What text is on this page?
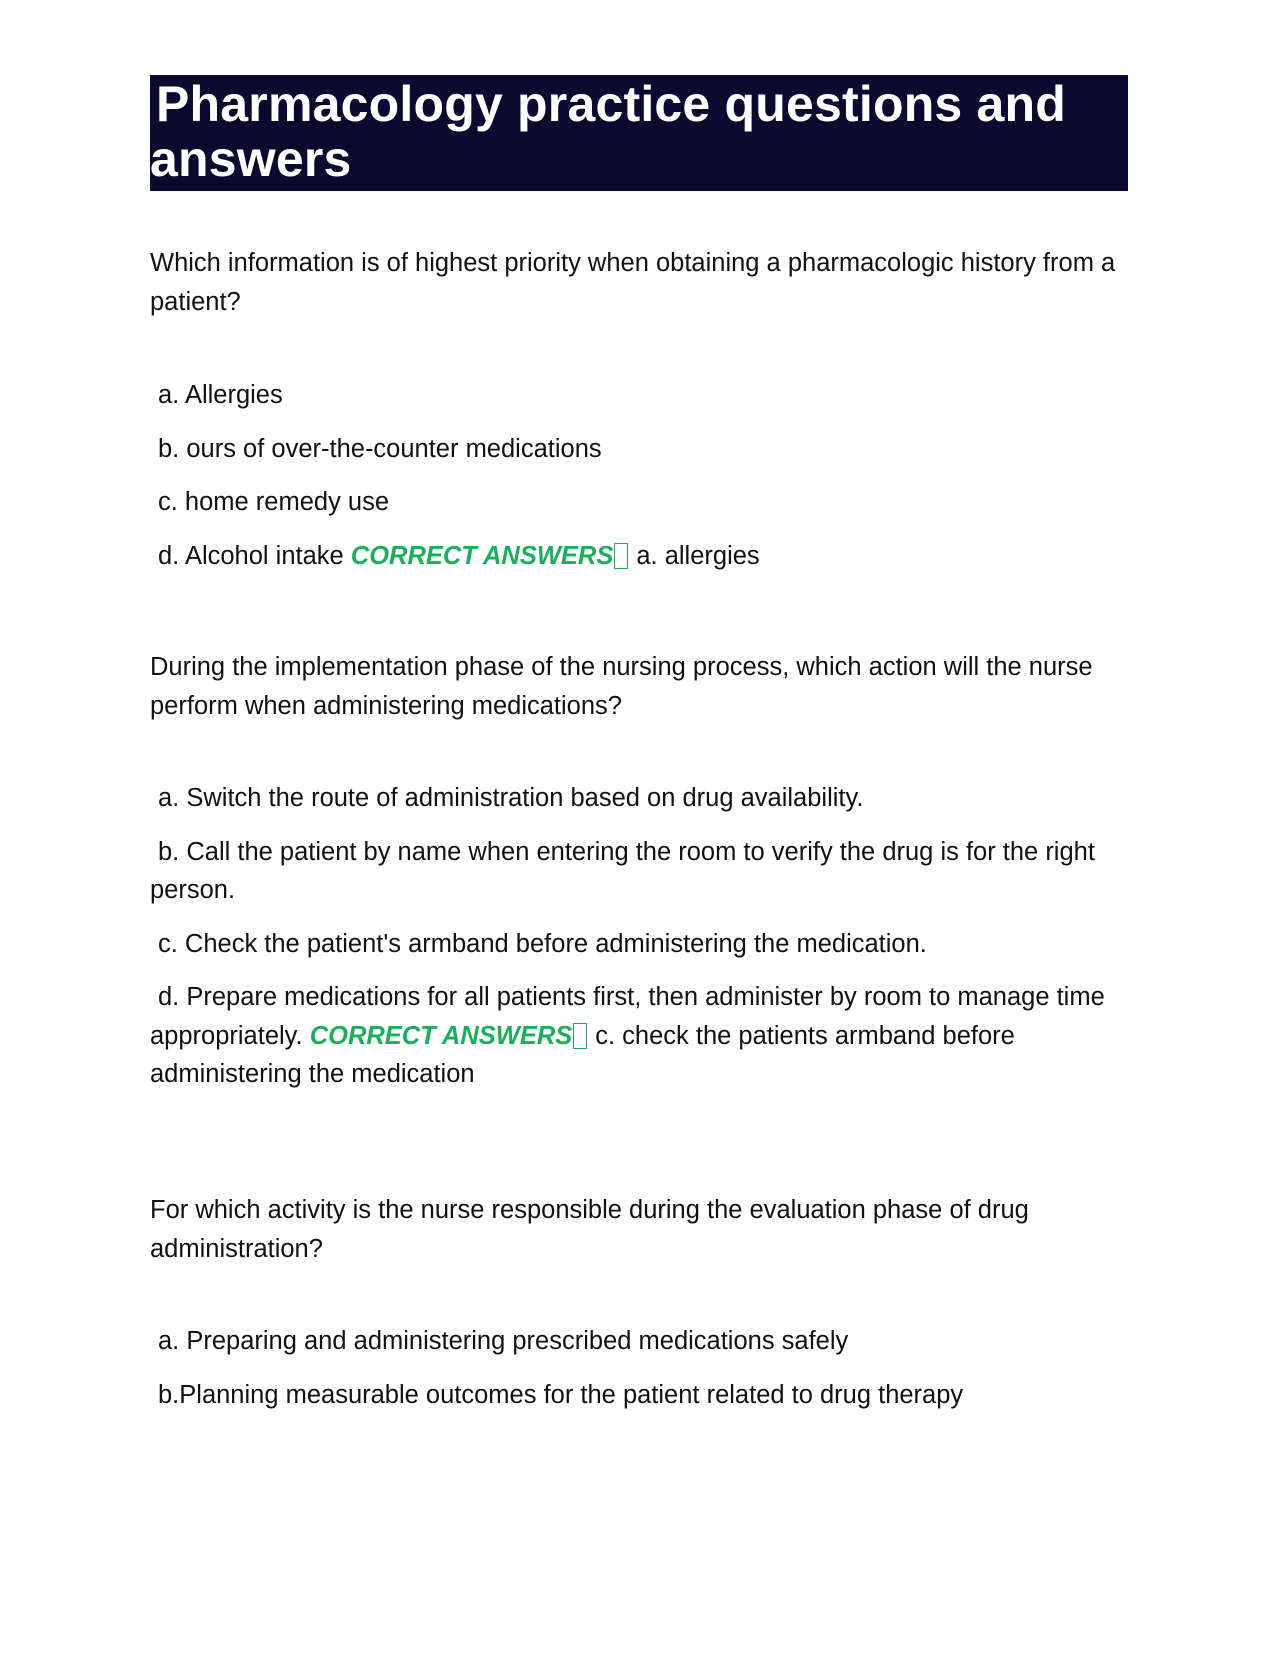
Pharmacology practice questions and
answers

Which information is of highest priority when obtaining a pharmacologic history from a patient?

a. Allergies
b. ours of over-the-counter medications
c. home remedy use
d. Alcohol intake CORRECT ANSWERS a. allergies

During the implementation phase of the nursing process, which action will the nurse perform when administering medications?

a. Switch the route of administration based on drug availability.
b. Call the patient by name when entering the room to verify the drug is for the right person.
c. Check the patient's armband before administering the medication.
d. Prepare medications for all patients first, then administer by room to manage time appropriately. CORRECT ANSWERS c. check the patients armband before administering the medication

For which activity is the nurse responsible during the evaluation phase of drug administration?

a. Preparing and administering prescribed medications safely
b.Planning measurable outcomes for the patient related to drug therapy
